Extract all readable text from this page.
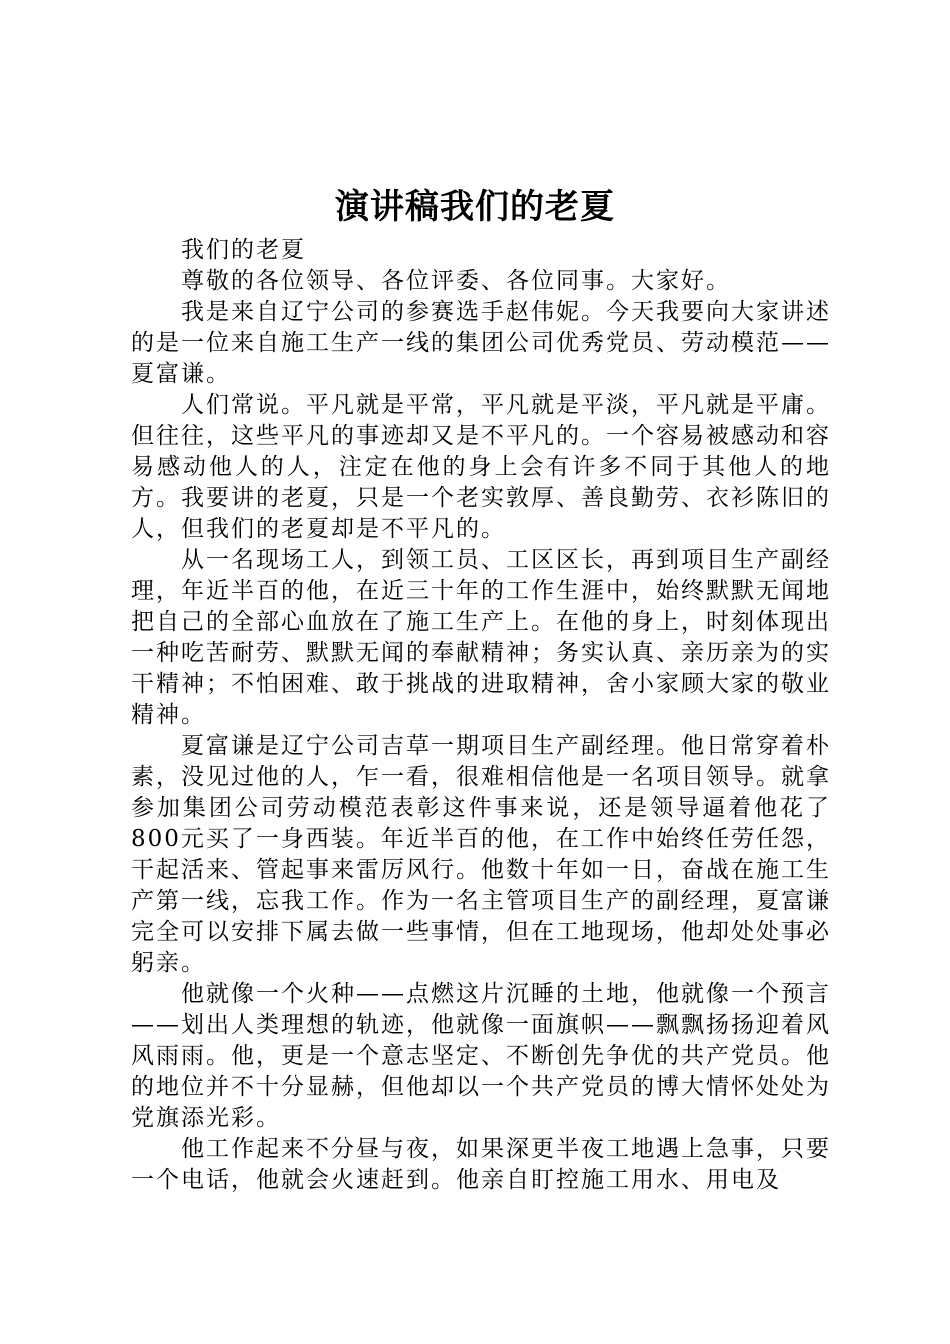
演讲稿我们的老夏

我们的老夏

尊敬的各位领导、各位评委、各位同事。大家好。

我是来自辽宁公司的参赛选手赵伟妮。今天我要向大家讲述的是一位来自施工生产一线的集团公司优秀党员、劳动模范——夏富谦。

人们常说。平凡就是平常，平凡就是平淡，平凡就是平庸。但往往，这些平凡的事迹却又是不平凡的。一个容易被感动和容易感动他人的人，注定在他的身上会有许多不同于其他人的地方。我要讲的老夏，只是一个老实敦厚、善良勤劳、衣衫陈旧的人，但我们的老夏却是不平凡的。

从一名现场工人，到领工员、工区区长，再到项目生产副经理，年近半百的他，在近三十年的工作生涯中，始终默默无闻地把自己的全部心血放在了施工生产上。在他的身上，时刻体现出一种吃苦耐劳、默默无闻的奉献精神；务实认真、亲历亲为的实干精神；不怕困难、敢于挑战的进取精神，舍小家顾大家的敬业精神。

夏富谦是辽宁公司吉草一期项目生产副经理。他日常穿着朴素，没见过他的人，乍一看，很难相信他是一名项目领导。就拿参加集团公司劳动模范表彰这件事来说，还是领导逼着他花了800元买了一身西装。年近半百的他，在工作中始终任劳任怨，干起活来、管起事来雷厉风行。他数十年如一日，奋战在施工生产第一线，忘我工作。作为一名主管项目生产的副经理，夏富谦完全可以安排下属去做一些事情，但在工地现场，他却处处事必躬亲。

他就像一个火种——点燃这片沉睡的土地，他就像一个预言——划出人类理想的轨迹，他就像一面旗帜——飘飘扬扬迎着风风雨雨。他，更是一个意志坚定、不断创先争优的共产党员。他的地位并不十分显赫，但他却以一个共产党员的博大情怀处处为党旗添光彩。

他工作起来不分昼与夜，如果深更半夜工地遇上急事，只要一个电话，他就会火速赶到。他亲自盯控施工用水、用电及
